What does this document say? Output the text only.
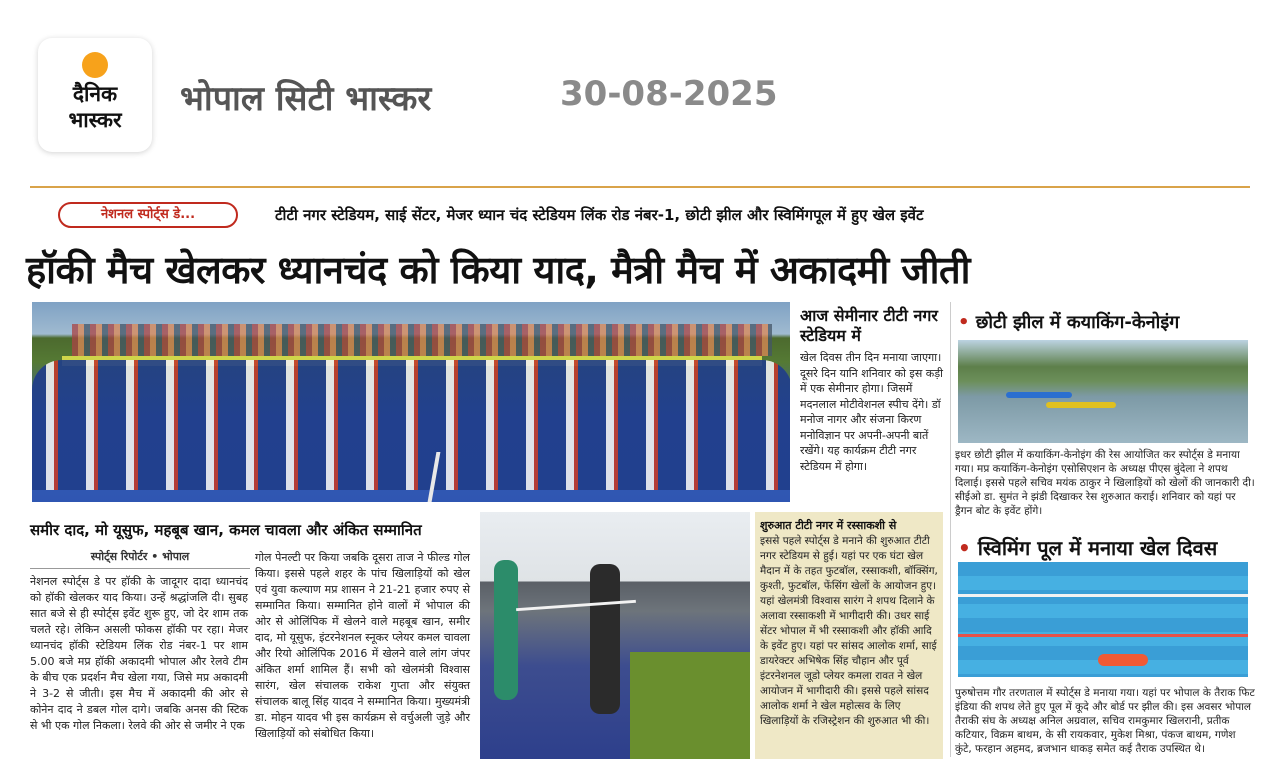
दैनिक
भास्कर
भोपाल सिटी भास्कर	30-08-2025
नेशनल स्पोर्ट्स डे...	टीटी नगर स्टेडियम, साई सेंटर, मेजर ध्यान चंद स्टेडियम लिंक रोड नंबर-1, छोटी झील और स्विमिंगपूल में हुए खेल इवेंट
हॉकी मैच खेलकर ध्यानचंद को किया याद, मैत्री मैच में अकादमी जीती
आज सेमीनार टीटी नगर स्टेडियम में
खेल दिवस तीन दिन मनाया जाएगा। दूसरे दिन यानि शनिवार को इस कड़ी में एक सेमीनार होगा। जिसमें मदनलाल मोटीवेशनल स्पीच देंगे। डॉ मनोज नागर और संजना किरण मनोविज्ञान पर अपनी-अपनी बातें रखेंगे। यह कार्यक्रम टीटी नगर स्टेडियम में होगा।
• छोटी झील में कयाकिंग-केनोइंग
इधर छोटी झील में कयाकिंग-केनोइंग की रेस आयोजित कर स्पोर्ट्स डे मनाया गया। मप्र कयाकिंग-केनोइंग एसोसिएशन के अध्यक्ष पीएस बुंदेला ने शपथ दिलाई। इससे पहले सचिव मयंक ठाकुर ने खिलाड़ियों को खेलों की जानकारी दी। सीईओ डा. सुमंत ने झंडी दिखाकर रेस शुरुआत कराई। शनिवार को यहां पर ड्रैगन बोट के इवेंट होंगे।
समीर दाद, मो यूसुफ, महबूब खान, कमल चावला और अंकित सम्मानित
स्पोर्ट्स रिपोर्टर • भोपाल
नेशनल स्पोर्ट्स डे पर हॉकी के जादूगर दादा ध्यानचंद को हॉकी खेलकर याद किया। उन्हें श्रद्धांजलि दी। सुबह सात बजे से ही स्पोर्ट्स इवेंट शुरू हुए, जो देर शाम तक चलते रहे। लेकिन असली फोकस हॉकी पर रहा। मेजर ध्यानचंद हॉकी स्टेडियम लिंक रोड नंबर-1 पर शाम 5.00 बजे मप्र हॉकी अकादमी भोपाल और रेलवे टीम के बीच एक प्रदर्शन मैच खेला गया, जिसे मप्र अकादमी ने 3-2 से जीती। इस मैच में अकादमी की ओर से कोनेन दाद ने डबल गोल दागे। जबकि अनस की स्टिक से भी एक गोल निकला। रेलवे की ओर से जमीर ने एक
गोल पेनल्टी पर किया जबकि दूसरा ताज ने फील्ड गोल किया। इससे पहले शहर के पांच खिलाड़ियों को खेल एवं युवा कल्याण मप्र शासन ने 21-21 हजार रुपए से सम्मानित किया। सम्मानित होने वालों में भोपाल की ओर से ओलिंपिक में खेलने वाले महबूब खान, समीर दाद, मो यूसुफ, इंटरनेशनल स्नूकर प्लेयर कमल चावला और रियो ओलिंपिक 2016 में खेलने वाले लांग जंपर अंकित शर्मा शामिल हैं। सभी को खेलमंत्री विश्वास सारंग, खेल संचालक राकेश गुप्ता और संयुक्त संचालक बालू सिंह यादव ने सम्मानित किया। मुख्यमंत्री डा. मोहन यादव भी इस कार्यक्रम से वर्चुअली जुड़े और खिलाड़ियों को संबोधित किया।
शुरुआत टीटी नगर में रस्साकशी से
इससे पहले स्पोर्ट्स डे मनाने की शुरुआत टीटी नगर स्टेडियम से हुई। यहां पर एक घंटा खेल मैदान में के तहत फुटबॉल, रस्साकशी, बॉक्सिंग, कुश्ती, फुटबॉल, फेंसिंग खेलों के आयोजन हुए। यहां खेलमंत्री विश्वास सारंग ने शपथ दिलाने के अलावा रस्साकशी में भागीदारी की। उधर साई सेंटर भोपाल में भी रस्साकशी और हॉकी आदि के इवेंट हुए। यहां पर सांसद आलोक शर्मा, साई डायरेक्टर अभिषेक सिंह चौहान और पूर्व इंटरनेशनल जूडो प्लेयर कमला रावत ने खेल आयोजन में भागीदारी की। इससे पहले सांसद आलोक शर्मा ने खेल महोत्सव के लिए खिलाड़ियों के रजिस्ट्रेशन की शुरुआत भी की।
• स्विमिंग पूल में मनाया खेल दिवस
पुरुषोत्तम गौर तरणताल में स्पोर्ट्स डे मनाया गया। यहां पर भोपाल के तैराक फिट इंडिया की शपथ लेते हुए पूल में कूदे और बोर्ड पर झील की। इस अवसर भोपाल तैराकी संघ के अध्यक्ष अनिल अग्रवाल, सचिव रामकुमार खिलरानी, प्रतीक कटियार, विक्रम बाथम, के सी रायकवार, मुकेश मिश्रा, पंकज बाथम, गणेश कुंटे, फरहान अहमद, ब्रजभान धाकड़ समेत कई तैराक उपस्थित थे।
